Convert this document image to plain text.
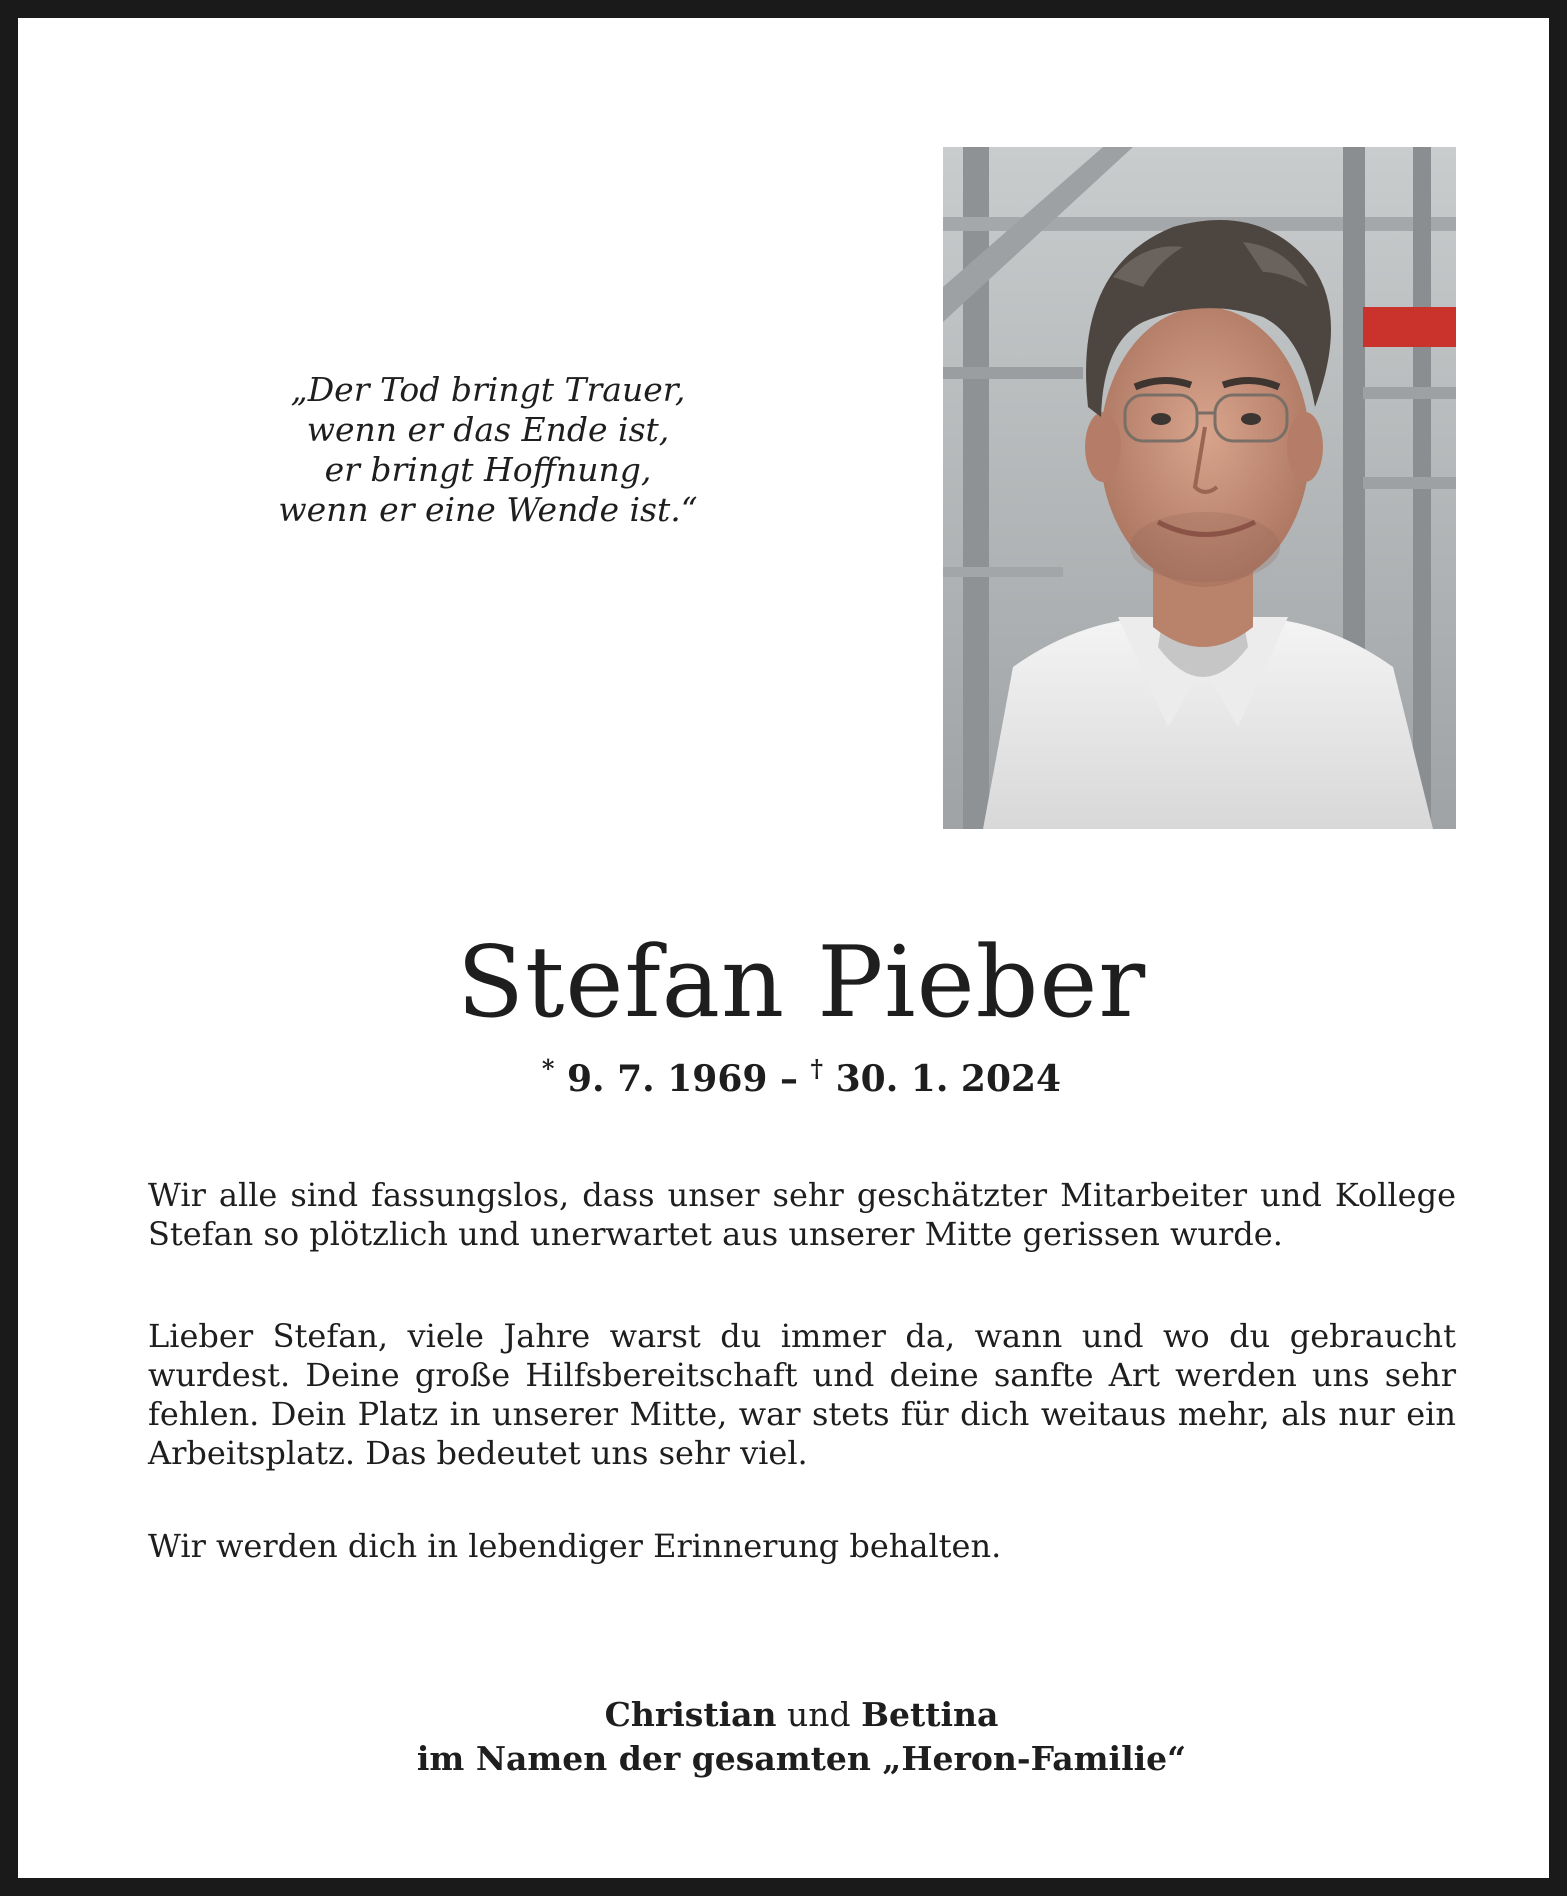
„Der Tod bringt Trauer,
wenn er das Ende ist,
er bringt Hoffnung,
wenn er eine Wende ist.“
Stefan Pieber
* 9. 7. 1969 – † 30. 1. 2024

Wir alle sind fassungslos, dass unser sehr geschätzter Mitarbeiter und Kollege Stefan so plötzlich und unerwartet aus unserer Mitte gerissen wurde.

Lieber Stefan, viele Jahre warst du immer da, wann und wo du gebraucht wurdest. Deine große Hilfsbereitschaft und deine sanfte Art werden uns sehr fehlen. Dein Platz in unserer Mitte, war stets für dich weitaus mehr, als nur ein Arbeitsplatz. Das bedeutet uns sehr viel.

Wir werden dich in lebendiger Erinnerung behalten.

Christian und Bettina
im Namen der gesamten „Heron-Familie“
